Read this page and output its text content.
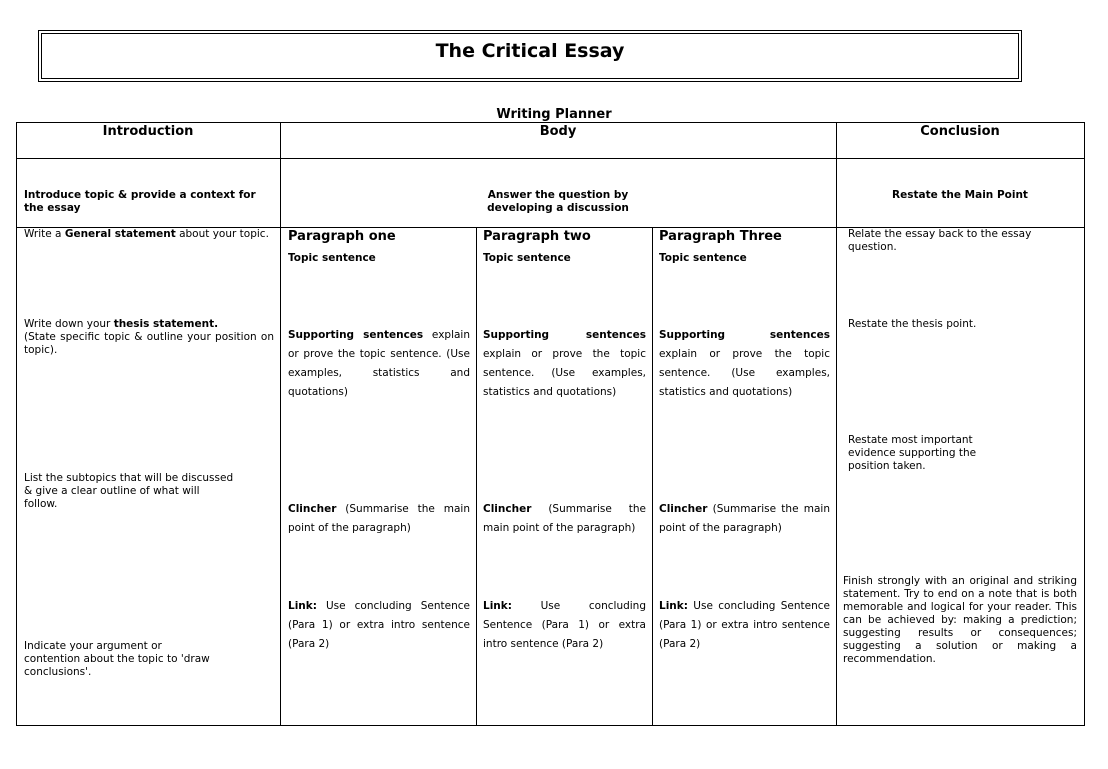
The Critical Essay
Writing Planner
Introduction	Body	Conclusion
Introduce topic & provide a context for the essay
Answer the question by developing a discussion
Restate the Main Point
Write a General statement about your topic.
Write down your thesis statement.
(State specific topic & outline your position on topic).
List the subtopics that will be discussed & give a clear outline of what will follow.
Indicate your argument or contention about the topic to 'draw conclusions'.
Paragraph one
Topic sentence
Supporting sentences explain or prove the topic sentence. (Use examples, statistics and quotations)
Clincher (Summarise the main point of the paragraph)
Link: Use concluding Sentence (Para 1) or extra intro sentence (Para 2)
Paragraph two
Topic sentence
Supporting sentences explain or prove the topic sentence. (Use examples, statistics and quotations)
Clincher (Summarise the main point of the paragraph)
Link: Use concluding Sentence (Para 1) or extra intro sentence (Para 2)
Paragraph Three
Topic sentence
Supporting sentences explain or prove the topic sentence. (Use examples, statistics and quotations)
Clincher (Summarise the main point of the paragraph)
Link: Use concluding Sentence (Para 1) or extra intro sentence (Para 2)
Relate the essay back to the essay question.
Restate the thesis point.
Restate most important evidence supporting the position taken.
Finish strongly with an original and striking statement. Try to end on a note that is both memorable and logical for your reader. This can be achieved by: making a prediction; suggesting results or consequences; suggesting a solution or making a recommendation.
